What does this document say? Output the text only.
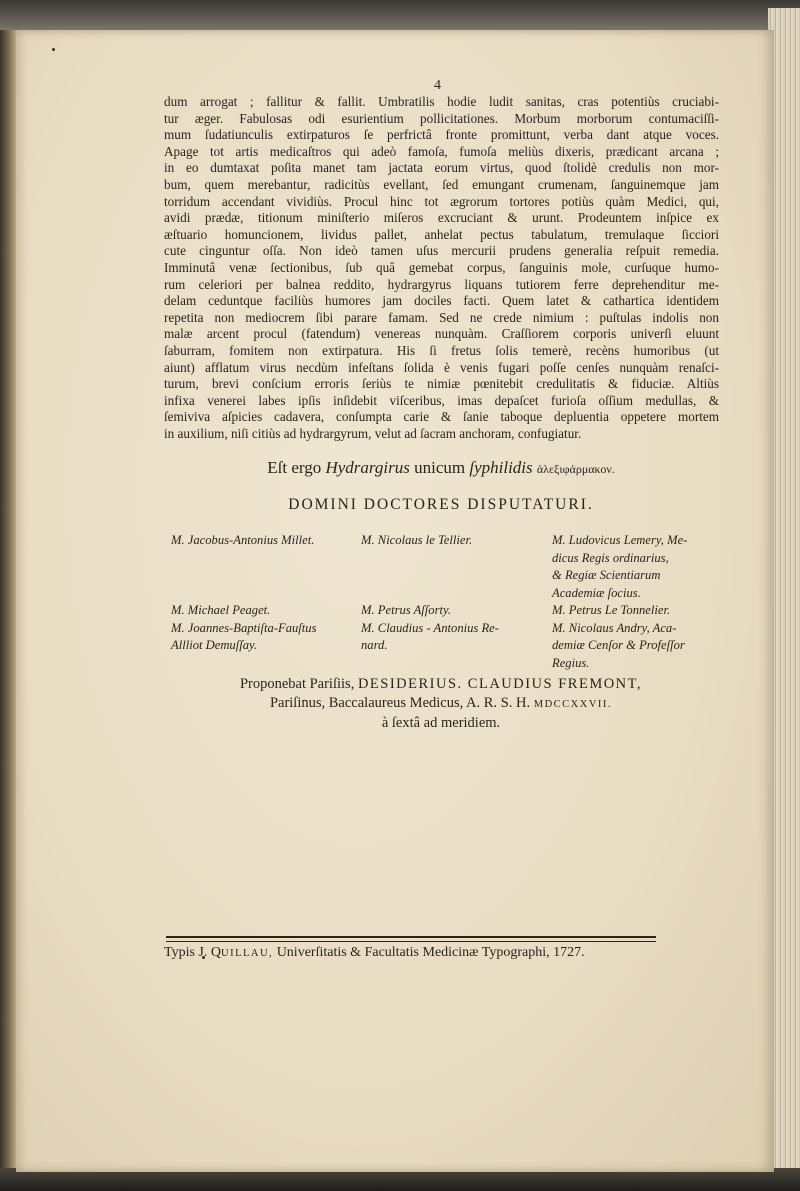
4
dum arrogat ; fallitur & fallit. Umbratilis hodie ludit sanitas, cras potentiùs cruciabi-
tur æger. Fabulosas odi esurientium pollicitationes. Morbum morborum contumaciſſi-
mum ſudatiunculis extirpaturos ſe perfrictâ fronte promittunt, verba dant atque voces.
Apage tot artis medicaſtros qui adeò famoſa, fumoſa meliùs dixeris, prædicant arcana ;
in eo dumtaxat poſita manet tam jactata eorum virtus, quod ſtolidè credulis non mor-
bum, quem merebantur, radicitùs evellant, ſed emungant crumenam, ſanguinemque jam
torridum accendant vividiùs. Procul hinc tot ægrorum tortores potiùs quàm Medici, qui,
avidi prædæ, titionum miniſterio miſeros excruciant & urunt. Prodeuntem inſpice ex
æſtuario homuncionem, lividus pallet, anhelat pectus tabulatum, tremulaque ſicciori
cute cinguntur oſſa. Non ideò tamen uſus mercurii prudens generalia reſpuit remedia.
Imminutâ venæ ſectionibus, ſub quâ gemebat corpus, ſanguinis mole, curſuque humo-
rum celeriori per balnea reddito, hydrargyrus liquans tutiorem ferre deprehenditur me-
delam ceduntque faciliùs humores jam dociles facti. Quem latet & cathartica identidem
repetita non mediocrem ſibi parare famam. Sed ne crede nimium : puſtulas indolis non
malæ arcent procul (fatendum) venereas nunquàm. Craſſiorem corporis univerſi eluunt
ſaburram, fomitem non extirpatura. His ſi fretus ſolis temerè, recèns humoribus (ut
aiunt) afflatum virus necdùm infeſtans ſolida è venis fugari poſſe cenſes nunquàm renaſci-
turum, brevi conſcium erroris ſeriùs te nimiæ pœnitebit credulitatis & fiduciæ. Altiùs
infixa venerei labes ipſis inſidebit viſceribus, imas depaſcet furioſa oſſium medullas, &
ſemiviva aſpicies cadavera, conſumpta carie & ſanie taboque depluentia oppetere mortem
in auxilium, niſi citiùs ad hydrargyrum, velut ad ſacram anchoram, confugiatur.
Eſt ergo Hydrargirus unicum ſyphilidis ἀλεξιφάρμακον.
DOMINI DOCTORES DISPUTATURI.
M. Jacobus-Antonius Millet.
M. Michael Peaget.
M. Joannes-Baptiſta-Fauſtus
Allliot Demuſſay.
M. Nicolaus le Tellier.
M. Petrus Aſſorty.
M. Claudius - Antonius Re-
nard.
M. Ludovicus Lemery, Me-
dicus Regis ordinarius,
& Regiæ Scientiarum
Academiæ ſocius.
M. Petrus Le Tonnelier.
M. Nicolaus Andry, Aca-
demiæ Cenſor & Profeſſor
Regius.
Proponebat Pariſiis, DESIDERIUS. CLAUDIUS FREMONT,
Pariſinus, Baccalaureus Medicus, A. R. S. H. MDCCXXVII.
à ſextâ ad meridiem.
Typis J. QUILLAU, Univerſitatis & Facultatis Medicinæ Typographi, 1727.
